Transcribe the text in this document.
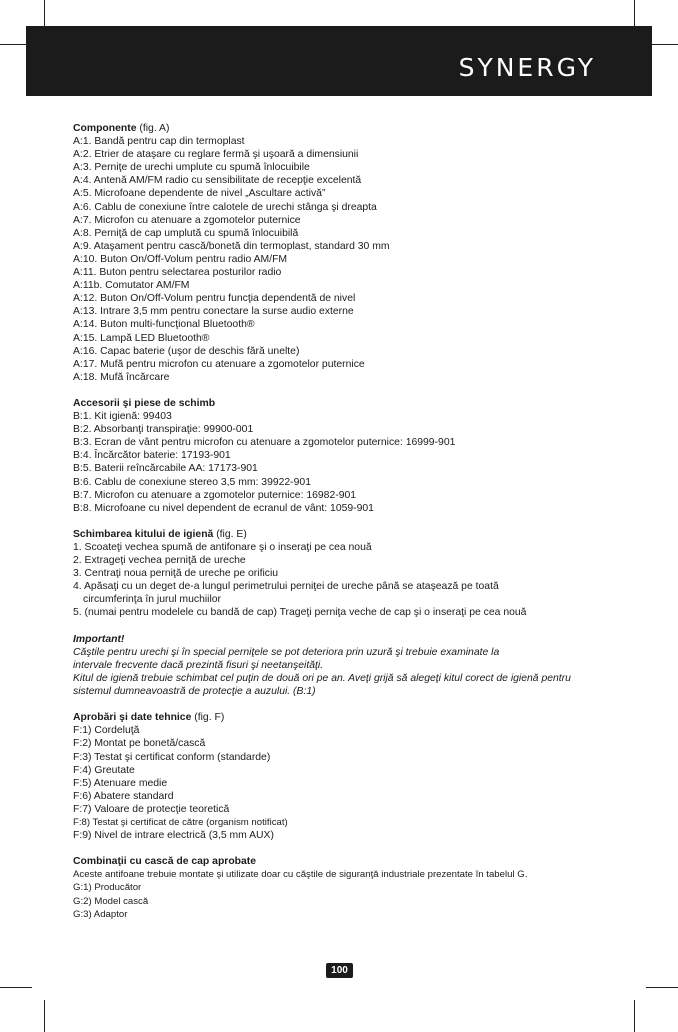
SYNERGY
Componente (fig. A)
A:1. Bandă pentru cap din termoplast
A:2. Etrier de ataşare cu reglare fermă şi uşoară a dimensiunii
A:3. Perniţe de urechi umplute cu spumă înlocuibile
A:4. Antenă AM/FM radio cu sensibilitate de recepţie excelentă
A:5. Microfoane dependente de nivel „Ascultare activă”
A:6. Cablu de conexiune între calotele de urechi stânga şi dreapta
A:7. Microfon cu atenuare a zgomotelor puternice
A:8. Perniţă de cap umplută cu spumă înlocuibilă
A:9. Ataşament pentru cască/bonetă din termoplast, standard 30 mm
A:10. Buton On/Off-Volum pentru radio AM/FM
A:11. Buton pentru selectarea posturilor radio
A:11b. Comutator AM/FM
A:12. Buton On/Off-Volum pentru funcţia dependentă de nivel
A:13. Intrare 3,5 mm pentru conectare la surse audio externe
A:14. Buton multi-funcţional Bluetooth®
A:15. Lampă LED Bluetooth®
A:16. Capac baterie (uşor de deschis fără unelte)
A:17. Mufă pentru microfon cu atenuare a zgomotelor puternice
A:18. Mufă încărcare
Accesorii şi piese de schimb
B:1. Kit igienă: 99403
B:2. Absorbanţi transpiraţie: 99900-001
B:3. Ecran de vânt pentru microfon cu atenuare a zgomotelor puternice: 16999-901
B:4. Încărcător baterie: 17193-901
B:5. Baterii reîncărcabile AA: 17173-901
B:6. Cablu de conexiune stereo 3,5 mm: 39922-901
B:7. Microfon cu atenuare a zgomotelor puternice: 16982-901
B:8. Microfoane cu nivel dependent de ecranul de vânt: 1059-901
Schimbarea kitului de igienă (fig. E)
1. Scoateţi vechea spumă de antifonare şi o inseraţi pe cea nouă
2. Extrageţi vechea perniţă de ureche
3. Centraţi noua perniţă de ureche pe orificiu
4. Apăsaţi cu un deget de-a lungul perimetrului perniţei de ureche până se ataşează pe toată
circumferinţa în jurul muchiilor
5. (numai pentru modelele cu bandă de cap) Trageţi perniţa veche de cap şi o inseraţi pe cea nouă
Important!
Căştile pentru urechi şi în special perniţele se pot deteriora prin uzură şi trebuie examinate la
intervale frecvente dacă prezintă fisuri şi neetanşeităţi.
Kitul de igienă trebuie schimbat cel puţin de două ori pe an. Aveţi grijă să alegeţi kitul corect de igienă pentru
sistemul dumneavoastră de protecţie a auzului. (B:1)
Aprobări şi date tehnice (fig. F)
F:1) Cordeluţă
F:2) Montat pe bonetă/cască
F:3) Testat şi certificat conform (standarde)
F:4) Greutate
F:5) Atenuare medie
F:6) Abatere standard
F:7) Valoare de protecţie teoretică
F:8) Testat şi certificat de către (organism notificat)
F:9) Nivel de intrare electrică (3,5 mm AUX)
Combinaţii cu cască de cap aprobate
Aceste antifoane trebuie montate şi utilizate doar cu căştile de siguranţă industriale prezentate în tabelul G.
G:1) Producător
G:2) Model cască
G:3) Adaptor
100
